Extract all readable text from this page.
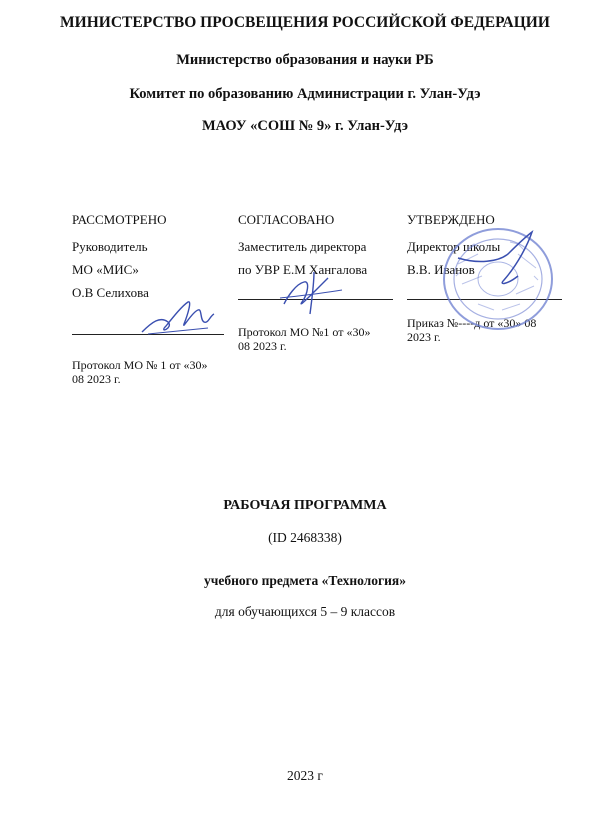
МИНИСТЕРСТВО ПРОСВЕЩЕНИЯ РОССИЙСКОЙ ФЕДЕРАЦИИ
Министерство образования и науки РБ
Комитет по образованию Администрации г. Улан-Удэ
МАОУ «СОШ № 9» г. Улан-Удэ
РАССМОТРЕНО
Руководитель
МО «МИС»
О.В Селихова
Протокол МО № 1 от «30»
08 2023 г.
СОГЛАСОВАНО
Заместитель директора
по УВР Е.М Хангалова
Протокол МО №1 от «30»
08 2023 г.
УТВЕРЖДЕНО
Директор школы
В.В. Иванов
Приказ №----д от «30» 08
2023 г.
РАБОЧАЯ ПРОГРАММА
(ID 2468338)
учебного предмета «Технология»
для обучающихся 5 – 9 классов
2023 г
